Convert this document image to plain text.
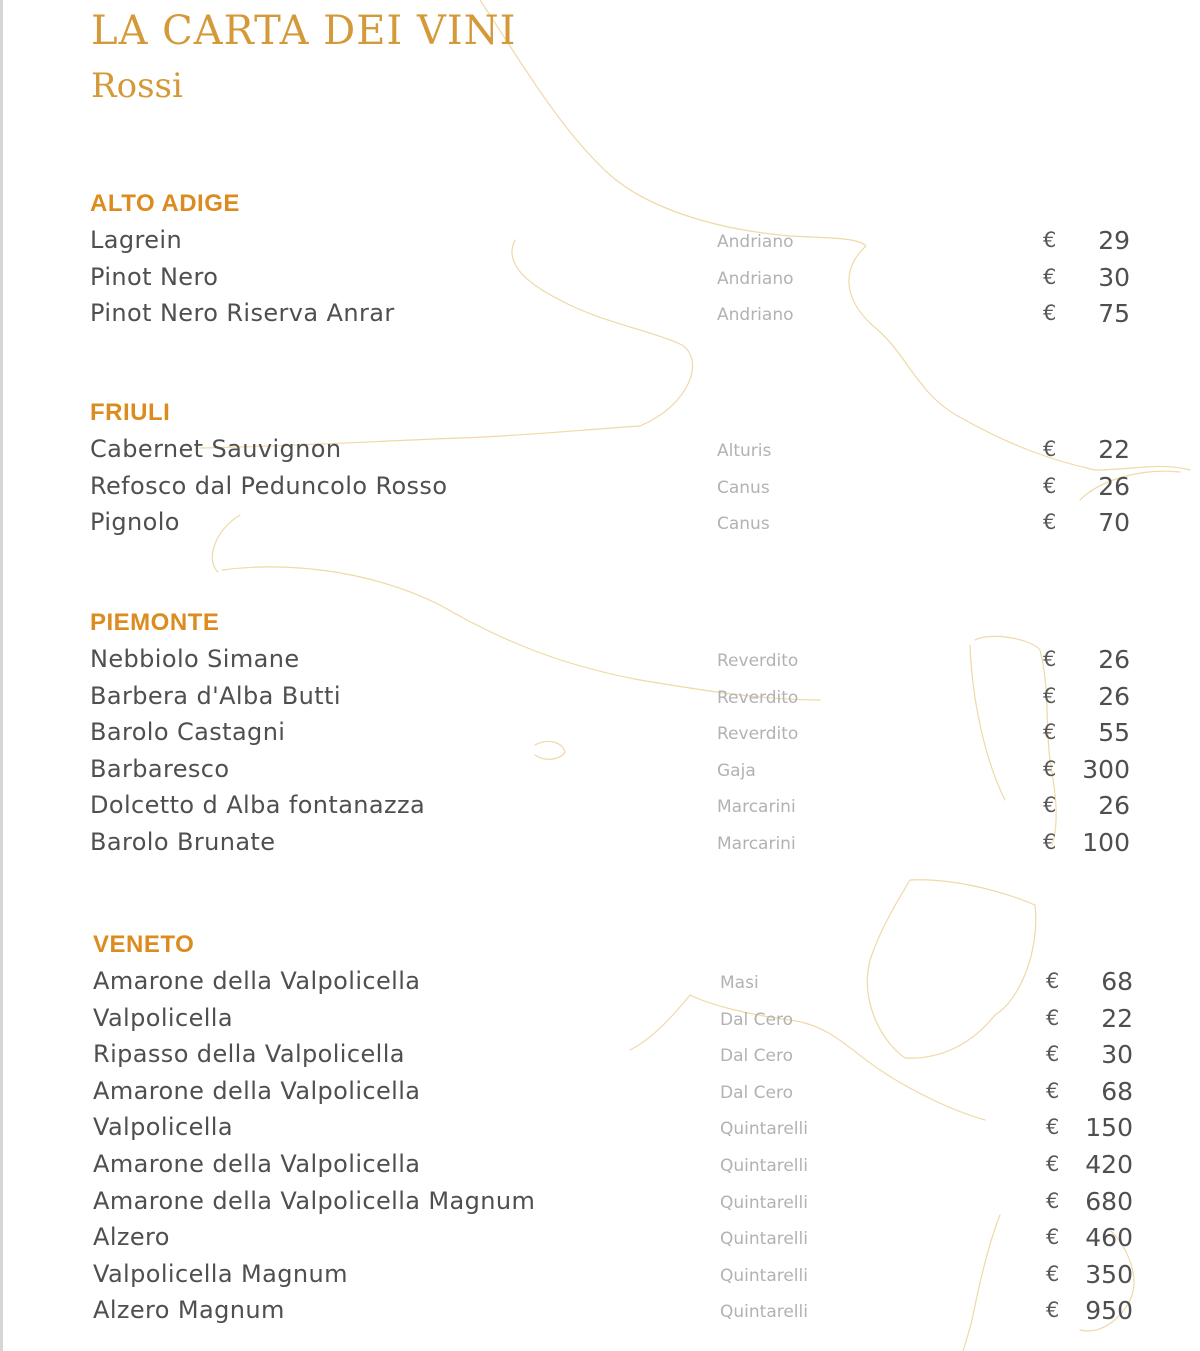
LA CARTA DEI VINI
Rossi
ALTO ADIGE
Lagrein	Andriano	€	29
Pinot Nero	Andriano	€	30
Pinot Nero Riserva Anrar	Andriano	€	75
FRIULI
Cabernet Sauvignon	Alturis	€	22
Refosco dal Peduncolo Rosso	Canus	€	26
Pignolo	Canus	€	70
PIEMONTE
Nebbiolo Simane	Reverdito	€	26
Barbera d'Alba Butti	Reverdito	€	26
Barolo Castagni	Reverdito	€	55
Barbaresco	Gaja	€	300
Dolcetto d Alba fontanazza	Marcarini	€	26
Barolo Brunate	Marcarini	€	100
VENETO
Amarone della Valpolicella	Masi	€	68
Valpolicella	Dal Cero	€	22
Ripasso della Valpolicella	Dal Cero	€	30
Amarone della Valpolicella	Dal Cero	€	68
Valpolicella	Quintarelli	€	150
Amarone della Valpolicella	Quintarelli	€	420
Amarone della Valpolicella Magnum	Quintarelli	€	680
Alzero	Quintarelli	€	460
Valpolicella Magnum	Quintarelli	€	350
Alzero Magnum	Quintarelli	€	950
